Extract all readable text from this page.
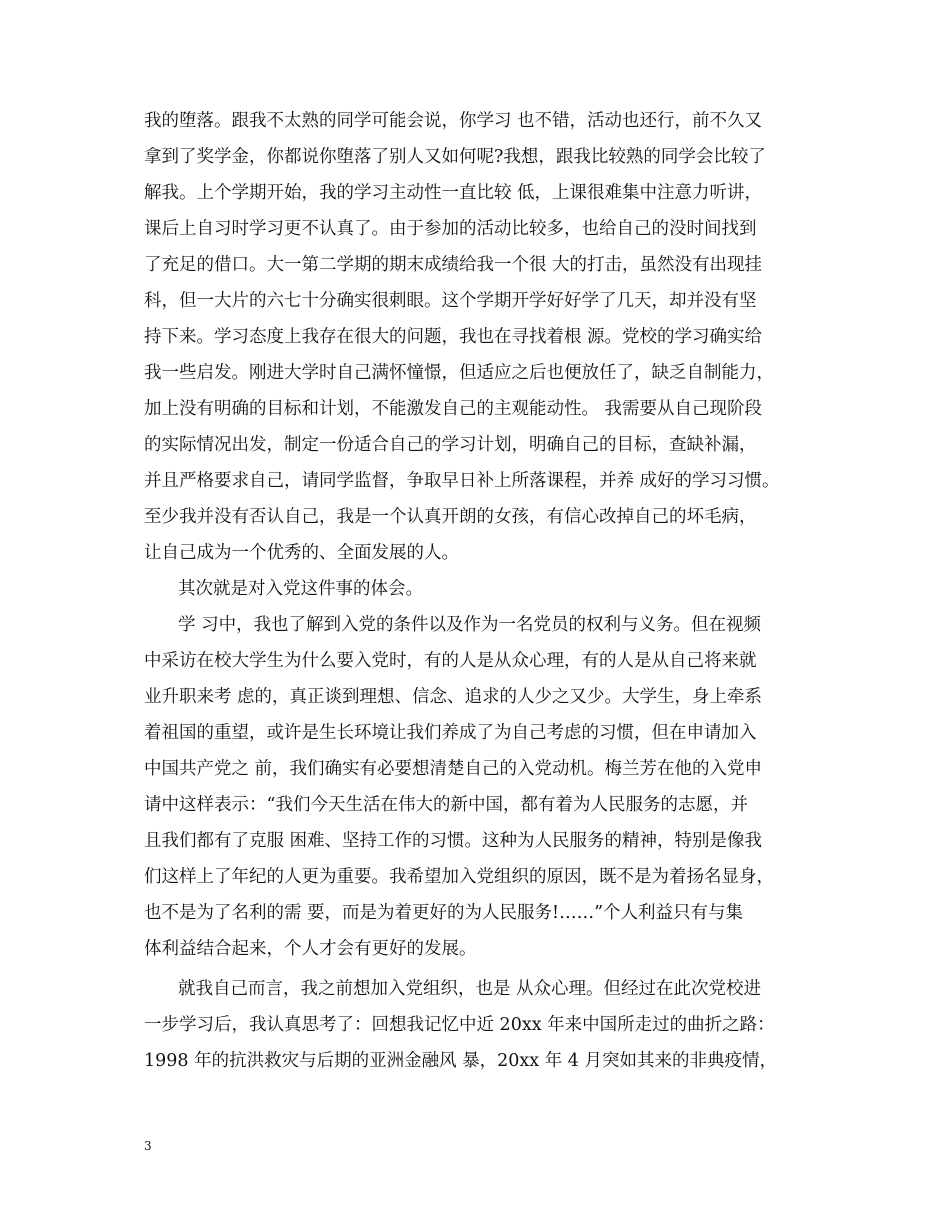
我的堕落。跟我不太熟的同学可能会说，你学习 也不错，活动也还行，前不久又
拿到了奖学金，你都说你堕落了别人又如何呢?我想，跟我比较熟的同学会比较了
解我。上个学期开始，我的学习主动性一直比较 低，上课很难集中注意力听讲，
课后上自习时学习更不认真了。由于参加的活动比较多，也给自己的没时间找到
了充足的借口。大一第二学期的期末成绩给我一个很 大的打击，虽然没有出现挂
科，但一大片的六七十分确实很刺眼。这个学期开学好好学了几天，却并没有坚
持下来。学习态度上我存在很大的问题，我也在寻找着根 源。党校的学习确实给
我一些启发。刚进大学时自己满怀憧憬，但适应之后也便放任了，缺乏自制能力，
加上没有明确的目标和计划，不能激发自己的主观能动性。 我需要从自己现阶段
的实际情况出发，制定一份适合自己的学习计划，明确自己的目标，查缺补漏，
并且严格要求自己，请同学监督，争取早日补上所落课程，并养 成好的学习习惯。
至少我并没有否认自己，我是一个认真开朗的女孩，有信心改掉自己的坏毛病，
让自己成为一个优秀的、全面发展的人。
其次就是对入党这件事的体会。
学 习中，我也了解到入党的条件以及作为一名党员的权利与义务。但在视频
中采访在校大学生为什么要入党时，有的人是从众心理，有的人是从自己将来就
业升职来考 虑的，真正谈到理想、信念、追求的人少之又少。大学生，身上牵系
着祖国的重望，或许是生长环境让我们养成了为自己考虑的习惯，但在申请加入
中国共产党之 前，我们确实有必要想清楚自己的入党动机。梅兰芳在他的入党申
请中这样表示：“我们今天生活在伟大的新中国，都有着为人民服务的志愿，并
且我们都有了克服 困难、坚持工作的习惯。这种为人民服务的精神，特别是像我
们这样上了年纪的人更为重要。我希望加入党组织的原因，既不是为着扬名显身，
也不是为了名利的需 要，而是为着更好的为人民服务!……”个人利益只有与集
体利益结合起来，个人才会有更好的发展。
就我自己而言，我之前想加入党组织，也是 从众心理。但经过在此次党校进
一步学习后，我认真思考了：回想我记忆中近 20xx 年来中国所走过的曲折之路：
1998 年的抗洪救灾与后期的亚洲金融风 暴，20xx 年 4 月突如其来的非典疫情，
3
